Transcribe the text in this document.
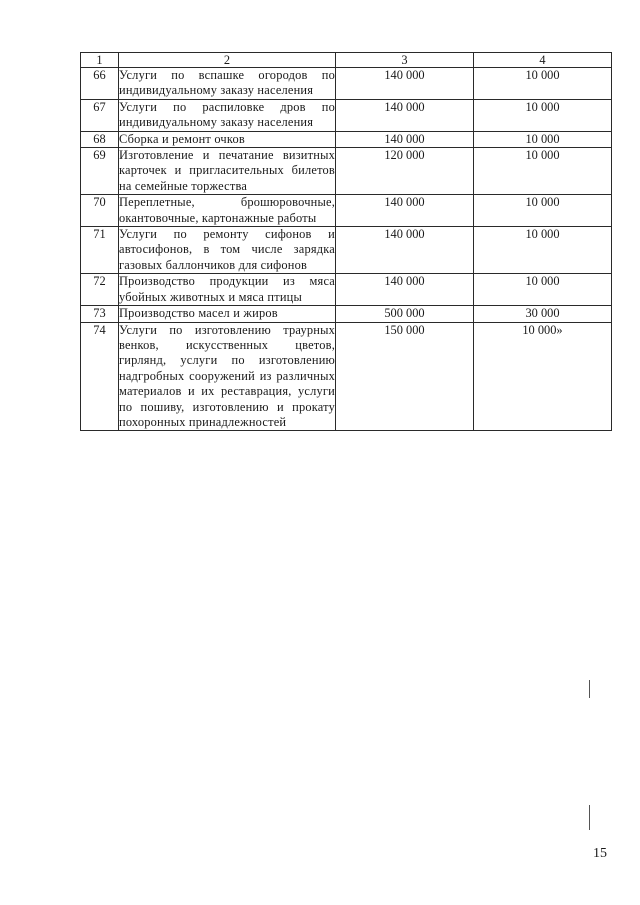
1	2	3	4
66	Услуги по вспашке огородов по индивидуальному заказу населения	140 000	10 000
67	Услуги по распиловке дров по индивидуальному заказу населения	140 000	10 000
68	Сборка и ремонт очков	140 000	10 000
69	Изготовление и печатание визитных карточек и пригласительных билетов на семейные торжества	120 000	10 000
70	Переплетные, брошюровочные, окантовочные, картонажные работы	140 000	10 000
71	Услуги по ремонту сифонов и автосифонов, в том числе зарядка газовых баллончиков для сифонов	140 000	10 000
72	Производство продукции из мяса убойных животных и мяса птицы	140 000	10 000
73	Производство масел и жиров	500 000	30 000
74	Услуги по изготовлению траурных венков, искусственных цветов, гирлянд, услуги по изготовлению надгробных сооружений из различных материалов и их реставрация, услуги по пошиву, изготовлению и прокату похоронных принадлежностей	150 000	10 000»
15
